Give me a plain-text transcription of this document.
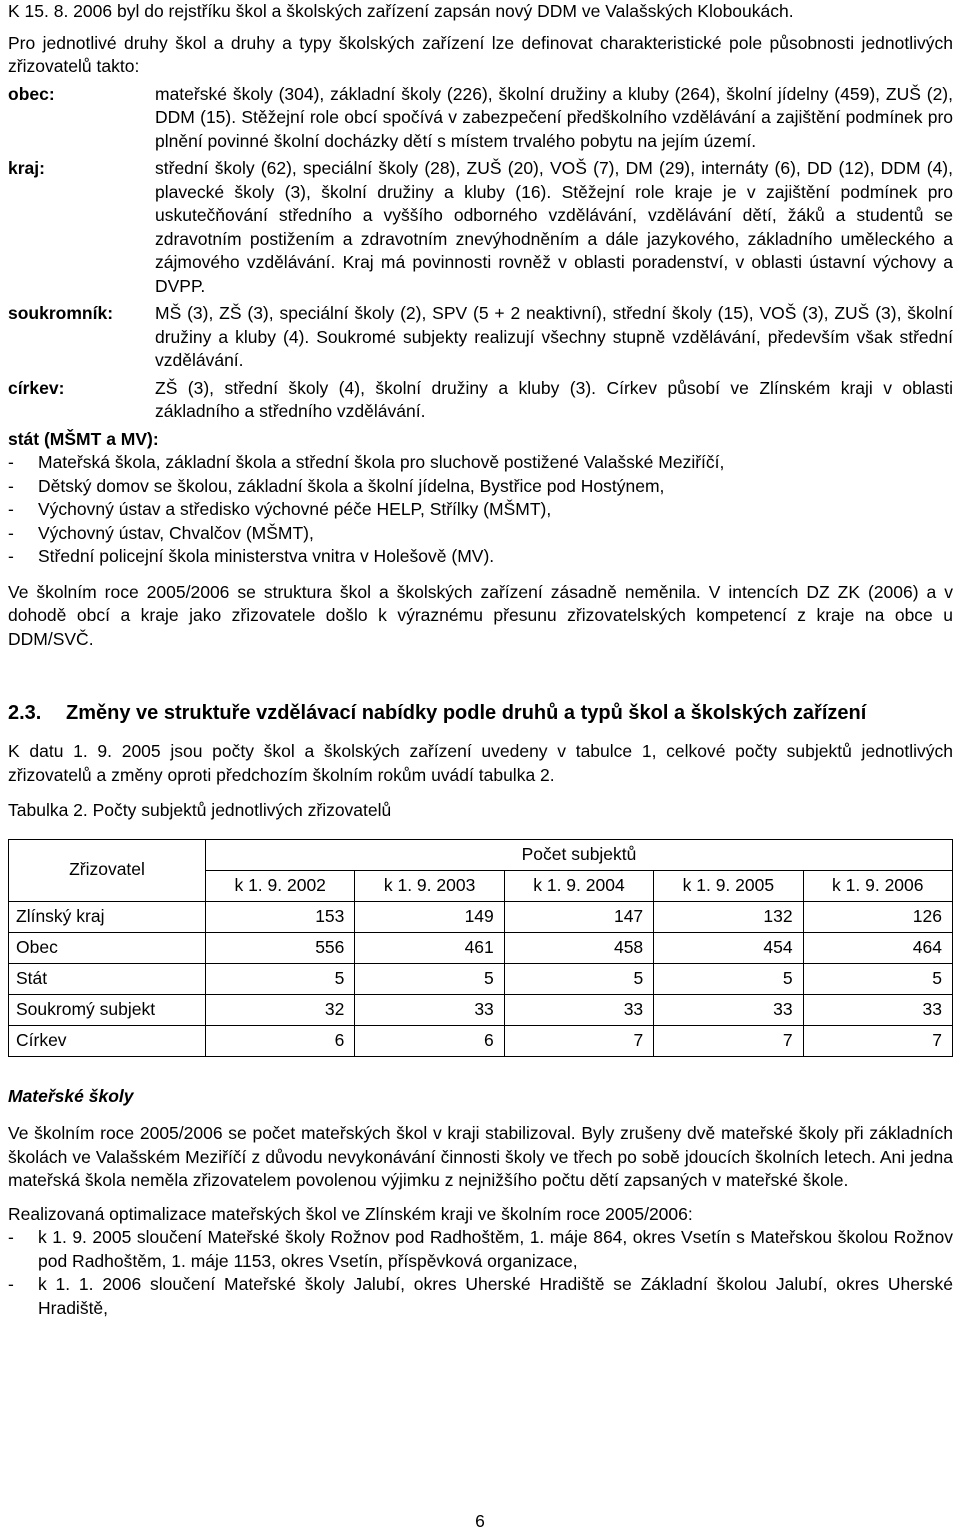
K 15. 8. 2006 byl do rejstříku škol a školských zařízení zapsán nový DDM ve Valašských Kloboukách.

Pro jednotlivé druhy škol a druhy a typy školských zařízení lze definovat charakteristické pole působnosti jednotlivých zřizovatelů takto:

obec:	mateřské školy (304), základní školy (226), školní družiny a kluby (264), školní jídelny (459), ZUŠ (2), DDM (15). Stěžejní role obcí spočívá v zabezpečení předškolního vzdělávání a zajištění podmínek pro plnění povinné školní docházky dětí s místem trvalého pobytu na jejím území.
kraj:	střední školy (62), speciální školy (28), ZUŠ (20), VOŠ (7), DM (29), internáty (6), DD (12), DDM (4), plavecké školy (3), školní družiny a kluby (16). Stěžejní role kraje je v zajištění podmínek pro uskutečňování středního a vyššího odborného vzdělávání, vzdělávání dětí, žáků a studentů se zdravotním postižením a zdravotním znevýhodněním a dále jazykového, základního uměleckého a zájmového vzdělávání. Kraj má povinnosti rovněž v oblasti poradenství, v oblasti ústavní výchovy a DVPP.
soukromník:	MŠ (3), ZŠ (3), speciální školy (2), SPV (5 + 2 neaktivní), střední školy (15), VOŠ (3), ZUŠ (3), školní družiny a kluby (4). Soukromé subjekty realizují všechny stupně vzdělávání, především však střední vzdělávání.
církev:	ZŠ (3), střední školy (4), školní družiny a kluby (3). Církev působí ve Zlínském kraji v oblasti základního a středního vzdělávání.

stát (MŠMT a MV):

- Mateřská škola, základní škola a střední škola pro sluchově postižené Valašské Meziříčí,
- Dětský domov se školou, základní škola a školní jídelna, Bystřice pod Hostýnem,
- Výchovný ústav a středisko výchovné péče HELP, Střílky (MŠMT),
- Výchovný ústav, Chvalčov (MŠMT),
- Střední policejní škola ministerstva vnitra v Holešově (MV).

Ve školním roce 2005/2006 se struktura škol a školských zařízení zásadně neměnila. V intencích DZ ZK (2006) a v dohodě obcí a kraje jako zřizovatele došlo k výraznému přesunu zřizovatelských kompetencí z kraje na obce u DDM/SVČ.

2.3.	Změny ve struktuře vzdělávací nabídky podle druhů a typů škol a školských zařízení

K datu 1. 9. 2005 jsou počty škol a školských zařízení uvedeny v tabulce 1, celkové počty subjektů jednotlivých zřizovatelů a změny oproti předchozím školním rokům uvádí tabulka 2.

Tabulka 2. Počty subjektů jednotlivých zřizovatelů

Zřizovatel	Počet subjektů				
	k 1. 9. 2002	k 1. 9. 2003	k 1. 9. 2004	k 1. 9. 2005	k 1. 9. 2006
Zlínský kraj	153	149	147	132	126
Obec	556	461	458	454	464
Stát	5	5	5	5	5
Soukromý subjekt	32	33	33	33	33
Církev	6	6	7	7	7

Mateřské školy

Ve školním roce 2005/2006 se počet mateřských škol v kraji stabilizoval. Byly zrušeny dvě mateřské školy při základních školách ve Valašském Meziříčí z důvodu nevykonávání činnosti školy ve třech po sobě jdoucích školních letech. Ani jedna mateřská škola neměla zřizovatelem povolenou výjimku z nejnižšího počtu dětí zapsaných v mateřské škole.

Realizovaná optimalizace mateřských škol ve Zlínském kraji ve školním roce 2005/2006:

- k 1. 9. 2005 sloučení Mateřské školy Rožnov pod Radhoštěm, 1. máje 864, okres Vsetín s Mateřskou školou Rožnov pod Radhoštěm, 1. máje 1153, okres Vsetín, příspěvková organizace,
- k 1. 1. 2006 sloučení Mateřské školy Jalubí, okres Uherské Hradiště se Základní školou Jalubí, okres Uherské Hradiště,
6
